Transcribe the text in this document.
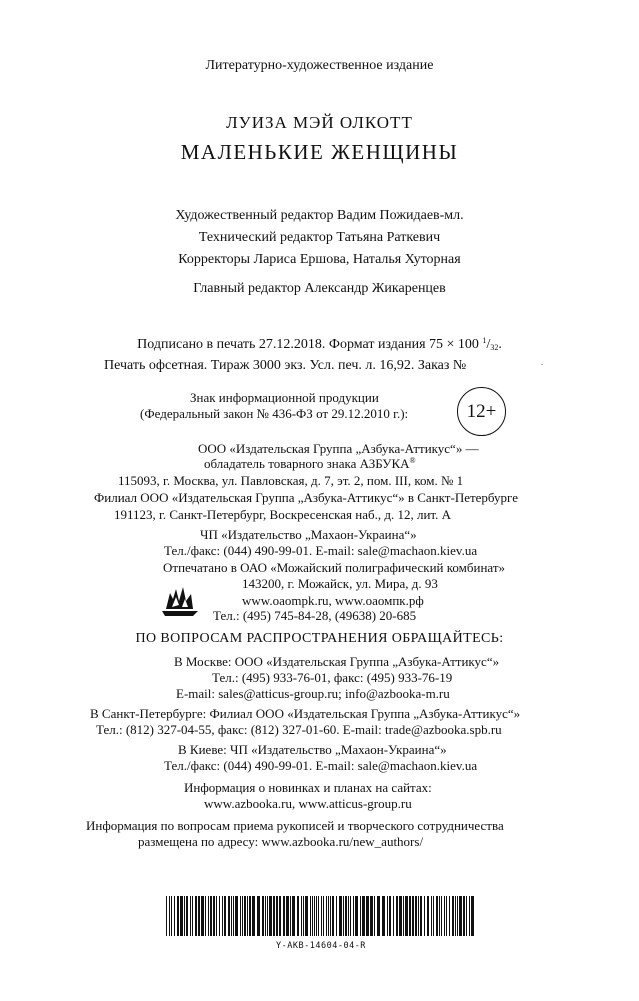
Литературно-художественное издание
ЛУИЗА МЭЙ ОЛКОТТ
МАЛЕНЬКИЕ ЖЕНЩИНЫ
Художественный редактор Вадим Пожидаев-мл.
Технический редактор Татьяна Раткевич
Корректоры Лариса Ершова, Наталья Хуторная
Главный редактор Александр Жикаренцев
Подписано в печать 27.12.2018. Формат издания 75 × 100 $^1/_{32}$.
Печать офсетная. Тираж 3000 экз. Усл. печ. л. 16,92. Заказ №	.
Знак информационной продукции
(Федеральный закон № 436-ФЗ от 29.12.2010 г.):	12+
ООО «Издательская Группа „Азбука-Аттикус“» —
обладатель товарного знака АЗБУКА®
115093, г. Москва, ул. Павловская, д. 7, эт. 2, пом. III, ком. № 1
Филиал ООО «Издательская Группа „Азбука-Аттикус“» в Санкт-Петербурге
191123, г. Санкт-Петербург, Воскресенская наб., д. 12, лит. А
ЧП «Издательство „Махаон-Украина“»
Тел./факс: (044) 490-99-01. E-mail: sale@machaon.kiev.ua
Отпечатано в ОАО «Можайский полиграфический комбинат»
143200, г. Можайск, ул. Мира, д. 93
www.oaompk.ru, www.оаомпк.рф
Тел.: (495) 745-84-28, (49638) 20-685
ПО ВОПРОСАМ РАСПРОСТРАНЕНИЯ ОБРАЩАЙТЕСЬ:
В Москве: ООО «Издательская Группа „Азбука-Аттикус“»
Тел.: (495) 933-76-01, факс: (495) 933-76-19
E-mail: sales@atticus-group.ru; info@azbooka-m.ru
В Санкт-Петербурге: Филиал ООО «Издательская Группа „Азбука-Аттикус“»
Тел.: (812) 327-04-55, факс: (812) 327-01-60. E-mail: trade@azbooka.spb.ru
В Киеве: ЧП «Издательство „Махаон-Украина“»
Тел./факс: (044) 490-99-01. E-mail: sale@machaon.kiev.ua
Информация о новинках и планах на сайтах:
www.azbooka.ru, www.atticus-group.ru
Информация по вопросам приема рукописей и творческого сотрудничества
размещена по адресу: www.azbooka.ru/new_authors/
Y-AKB-14604-04-R
